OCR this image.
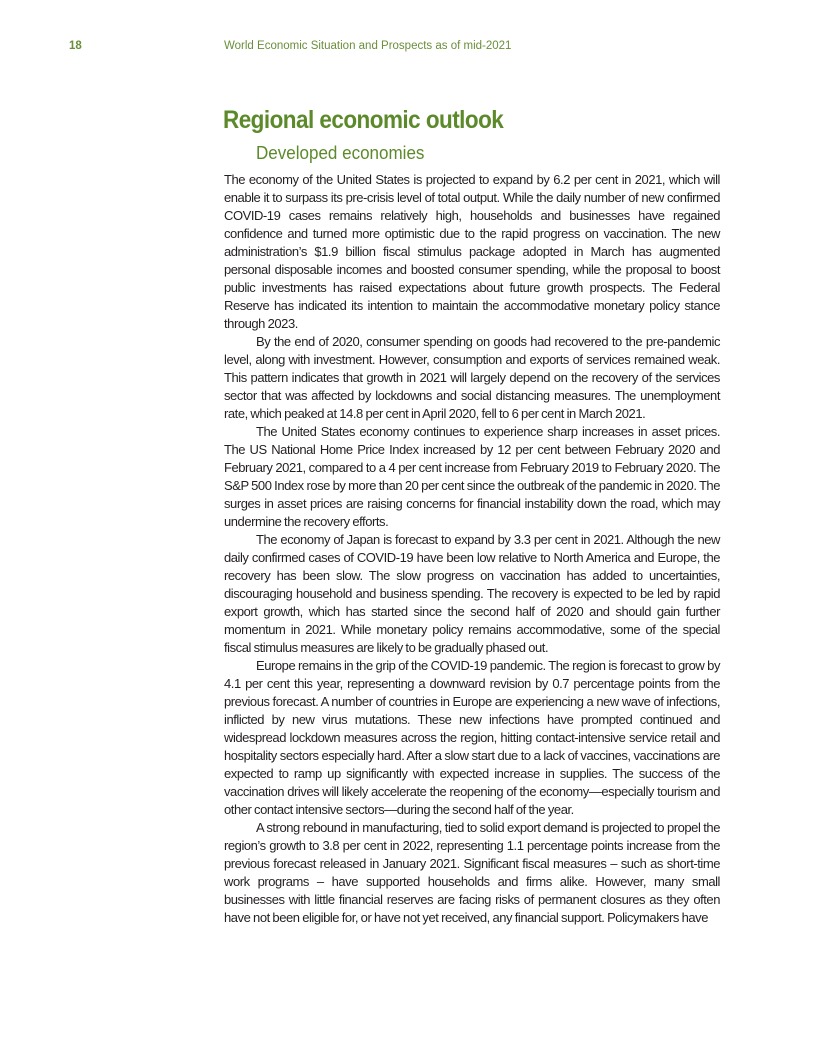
18	World Economic Situation and Prospects as of mid-2021
Regional economic outlook
Developed economies

The economy of the United States is projected to expand by 6.2 per cent in 2021, which will enable it to surpass its pre-crisis level of total output. While the daily number of new confirmed COVID-19 cases remains relatively high, households and businesses have regained confidence and turned more optimistic due to the rapid progress on vaccination. The new administration’s $1.9 billion fiscal stimulus package adopted in March has augmented personal disposable incomes and boosted consumer spending, while the proposal to boost public investments has raised expectations about future growth prospects. The Federal Reserve has indicated its intention to maintain the accommodative monetary policy stance through 2023.

By the end of 2020, consumer spending on goods had recovered to the pre-pandemic level, along with investment. However, consumption and exports of services remained weak. This pattern indicates that growth in 2021 will largely depend on the recovery of the services sector that was affected by lockdowns and social distancing measures. The unemployment rate, which peaked at 14.8 per cent in April 2020, fell to 6 per cent in March 2021.

The United States economy continues to experience sharp increases in asset prices. The US National Home Price Index increased by 12 per cent between February 2020 and February 2021, compared to a 4 per cent increase from February 2019 to February 2020. The S&P 500 Index rose by more than 20 per cent since the outbreak of the pandemic in 2020. The surges in asset prices are raising concerns for financial instability down the road, which may undermine the recovery efforts.

The economy of Japan is forecast to expand by 3.3 per cent in 2021. Although the new daily confirmed cases of COVID-19 have been low relative to North America and Europe, the recovery has been slow. The slow progress on vaccination has added to uncertainties, discouraging household and business spending. The recovery is expected to be led by rapid export growth, which has started since the second half of 2020 and should gain further momentum in 2021. While monetary policy remains accommodative, some of the special fiscal stimulus measures are likely to be gradually phased out.

Europe remains in the grip of the COVID-19 pandemic. The region is forecast to grow by 4.1 per cent this year, representing a downward revision by 0.7 percentage points from the previous forecast. A number of countries in Europe are experiencing a new wave of infections, inflicted by new virus mutations. These new infections have prompted continued and widespread lockdown measures across the region, hitting contact-intensive service retail and hospitality sectors especially hard. After a slow start due to a lack of vaccines, vaccinations are expected to ramp up significantly with expected increase in supplies. The success of the vaccination drives will likely accelerate the reopening of the economy—especially tourism and other contact intensive sectors—during the second half of the year.

A strong rebound in manufacturing, tied to solid export demand is projected to propel the region’s growth to 3.8 per cent in 2022, representing 1.1 percentage points increase from the previous forecast released in January 2021. Significant fiscal measures – such as short-time work programs – have supported households and firms alike. However, many small businesses with little financial reserves are facing risks of permanent closures as they often have not been eligible for, or have not yet received, any financial support. Policymakers have
